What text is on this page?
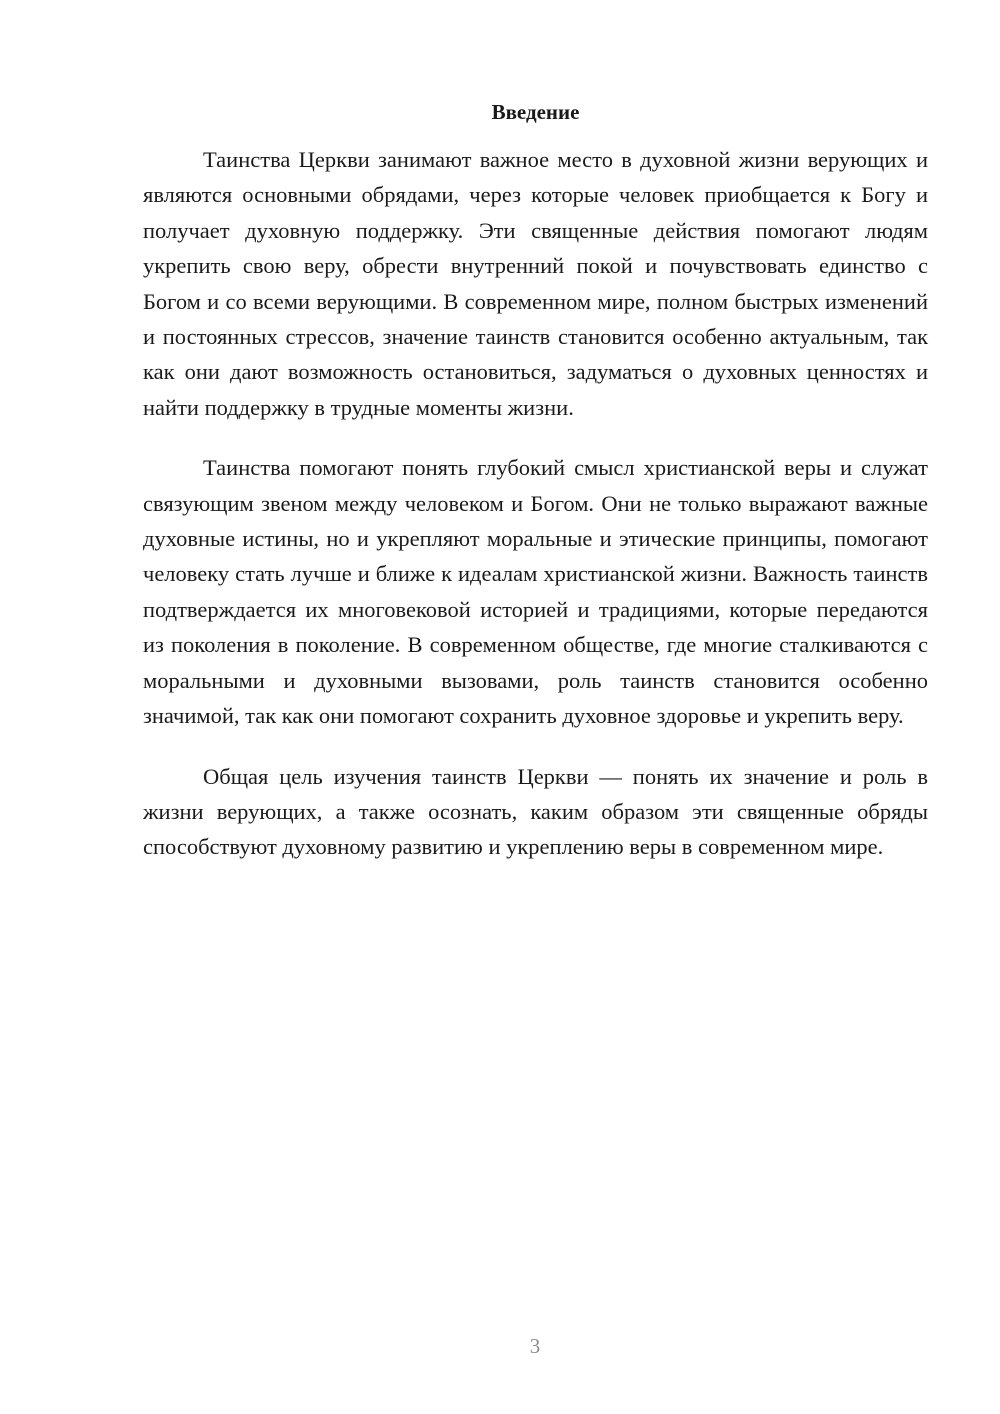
Введение

Таинства Церкви занимают важное место в духовной жизни верующих и являются основными обрядами, через которые человек приобщается к Богу и получает духовную поддержку. Эти священные действия помогают людям укрепить свою веру, обрести внутренний покой и почувствовать единство с Богом и со всеми верующими. В современном мире, полном быстрых изменений и постоянных стрессов, значение таинств становится особенно актуальным, так как они дают возможность остановиться, задуматься о духовных ценностях и найти поддержку в трудные моменты жизни.

Таинства помогают понять глубокий смысл христианской веры и служат связующим звеном между человеком и Богом. Они не только выражают важные духовные истины, но и укрепляют моральные и этические принципы, помогают человеку стать лучше и ближе к идеалам христианской жизни. Важность таинств подтверждается их многовековой историей и традициями, которые передаются из поколения в поколение. В современном обществе, где многие сталкиваются с моральными и духовными вызовами, роль таинств становится особенно значимой, так как они помогают сохранить духовное здоровье и укрепить веру.

Общая цель изучения таинств Церкви — понять их значение и роль в жизни верующих, а также осознать, каким образом эти священные обряды способствуют духовному развитию и укреплению веры в современном мире.

3
